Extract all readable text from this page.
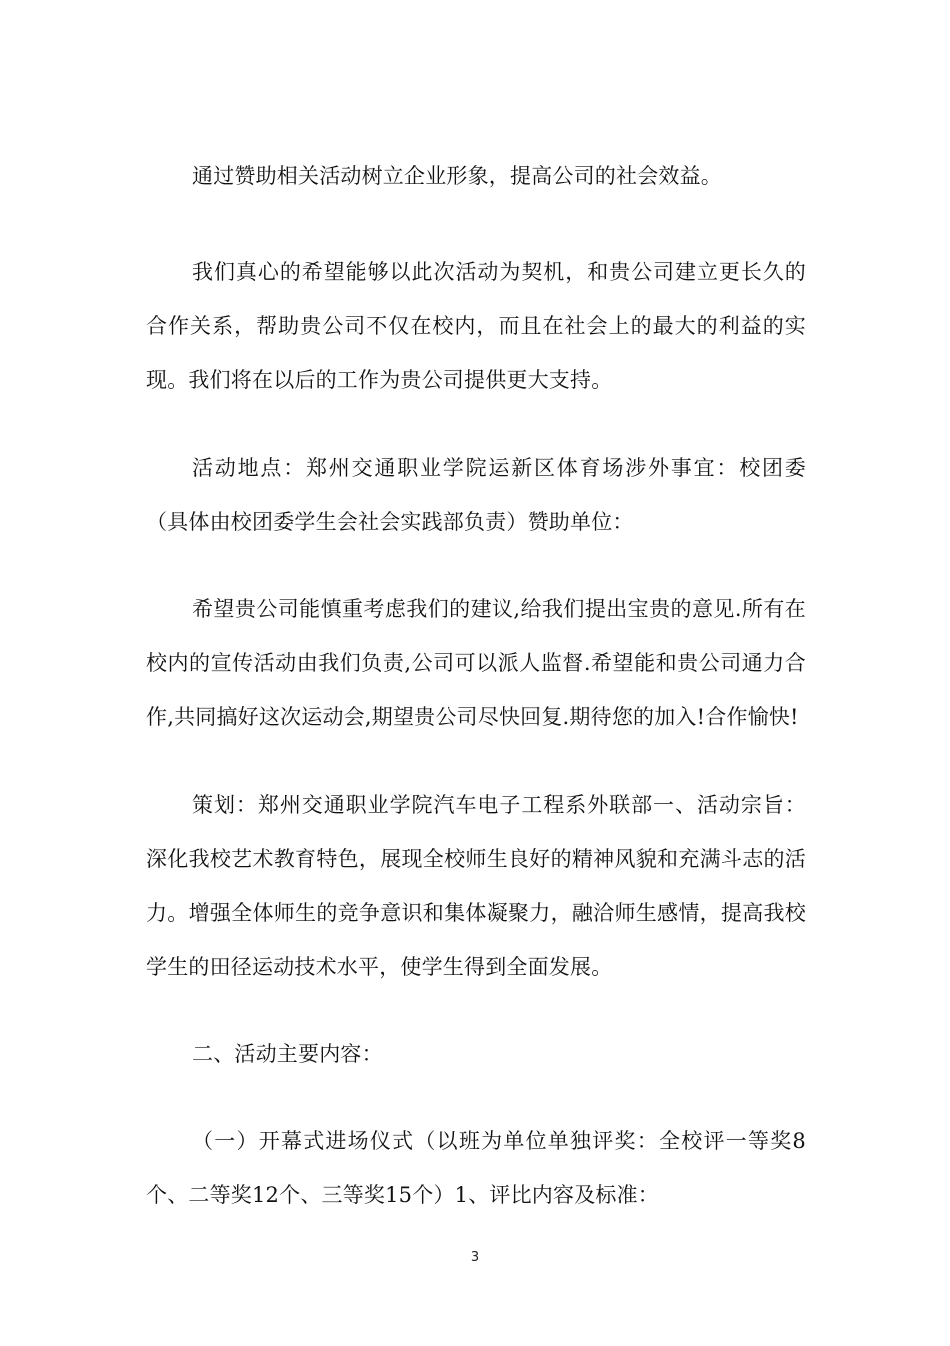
通过赞助相关活动树立企业形象，提高公司的社会效益。

我们真心的希望能够以此次活动为契机，和贵公司建立更长久的合作关系，帮助贵公司不仅在校内，而且在社会上的最大的利益的实现。我们将在以后的工作为贵公司提供更大支持。

活动地点：郑州交通职业学院运新区体育场涉外事宜：校团委（具体由校团委学生会社会实践部负责）赞助单位：

希望贵公司能慎重考虑我们的建议,给我们提出宝贵的意见.所有在校内的宣传活动由我们负责,公司可以派人监督.希望能和贵公司通力合作,共同搞好这次运动会,期望贵公司尽快回复.期待您的加入!合作愉快!

策划：郑州交通职业学院汽车电子工程系外联部一、活动宗旨：深化我校艺术教育特色，展现全校师生良好的精神风貌和充满斗志的活力。增强全体师生的竞争意识和集体凝聚力，融洽师生感情，提高我校学生的田径运动技术水平，使学生得到全面发展。

二、活动主要内容：

（一）开幕式进场仪式（以班为单位单独评奖：全校评一等奖8个、二等奖12个、三等奖15个）1、评比内容及标准：

3
